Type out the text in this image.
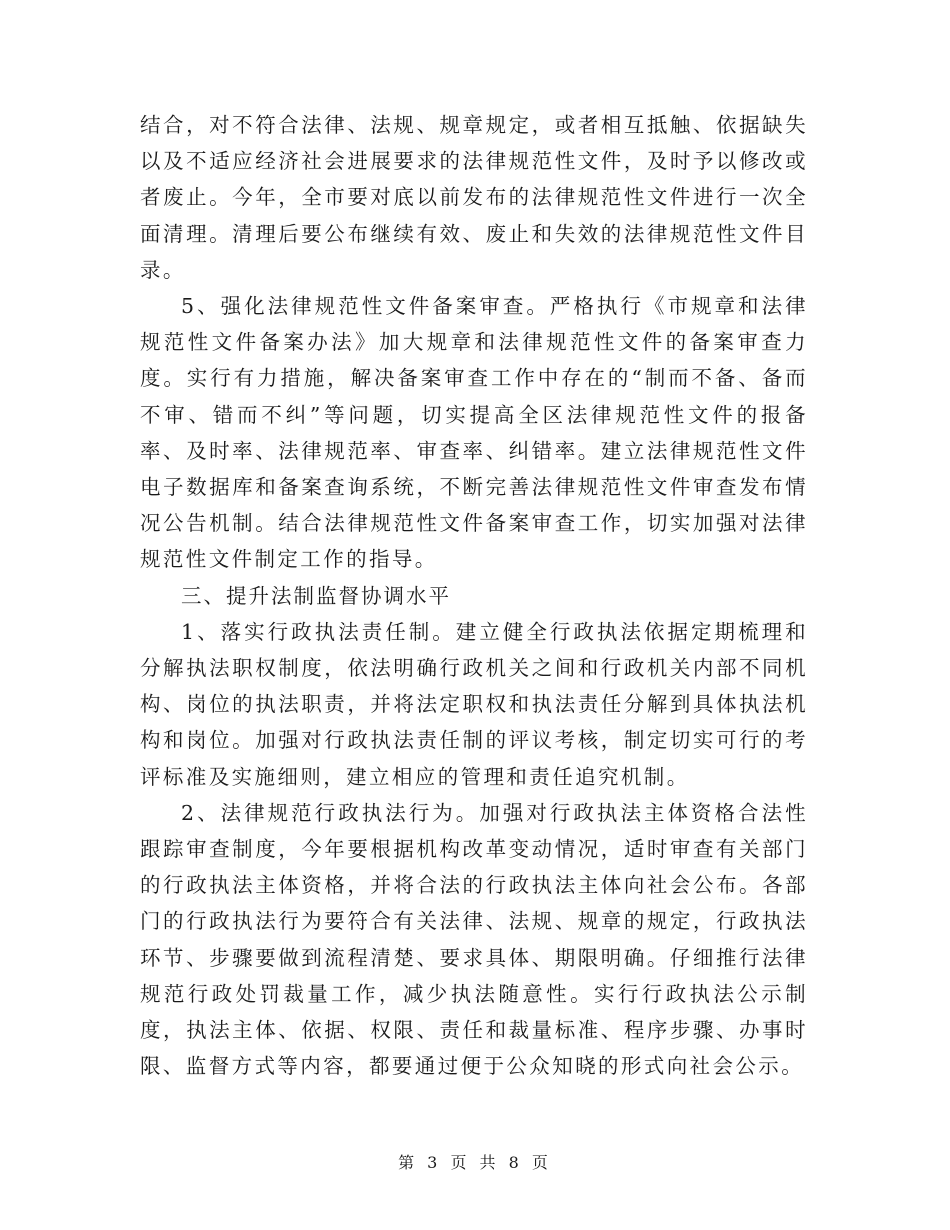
结合，对不符合法律、法规、规章规定，或者相互抵触、依据缺失以及不适应经济社会进展要求的法律规范性文件，及时予以修改或者废止。今年，全市要对底以前发布的法律规范性文件进行一次全面清理。清理后要公布继续有效、废止和失效的法律规范性文件目录。

5、强化法律规范性文件备案审查。严格执行《市规章和法律规范性文件备案办法》加大规章和法律规范性文件的备案审查力度。实行有力措施，解决备案审查工作中存在的“制而不备、备而不审、错而不纠”等问题，切实提高全区法律规范性文件的报备率、及时率、法律规范率、审查率、纠错率。建立法律规范性文件电子数据库和备案查询系统，不断完善法律规范性文件审查发布情况公告机制。结合法律规范性文件备案审查工作，切实加强对法律规范性文件制定工作的指导。

三、提升法制监督协调水平

1、落实行政执法责任制。建立健全行政执法依据定期梳理和分解执法职权制度，依法明确行政机关之间和行政机关内部不同机构、岗位的执法职责，并将法定职权和执法责任分解到具体执法机构和岗位。加强对行政执法责任制的评议考核，制定切实可行的考评标准及实施细则，建立相应的管理和责任追究机制。

2、法律规范行政执法行为。加强对行政执法主体资格合法性跟踪审查制度，今年要根据机构改革变动情况，适时审查有关部门的行政执法主体资格，并将合法的行政执法主体向社会公布。各部门的行政执法行为要符合有关法律、法规、规章的规定，行政执法环节、步骤要做到流程清楚、要求具体、期限明确。仔细推行法律规范行政处罚裁量工作，减少执法随意性。实行行政执法公示制度，执法主体、依据、权限、责任和裁量标准、程序步骤、办事时限、监督方式等内容，都要通过便于公众知晓的形式向社会公示。

第 3 页 共 8 页
